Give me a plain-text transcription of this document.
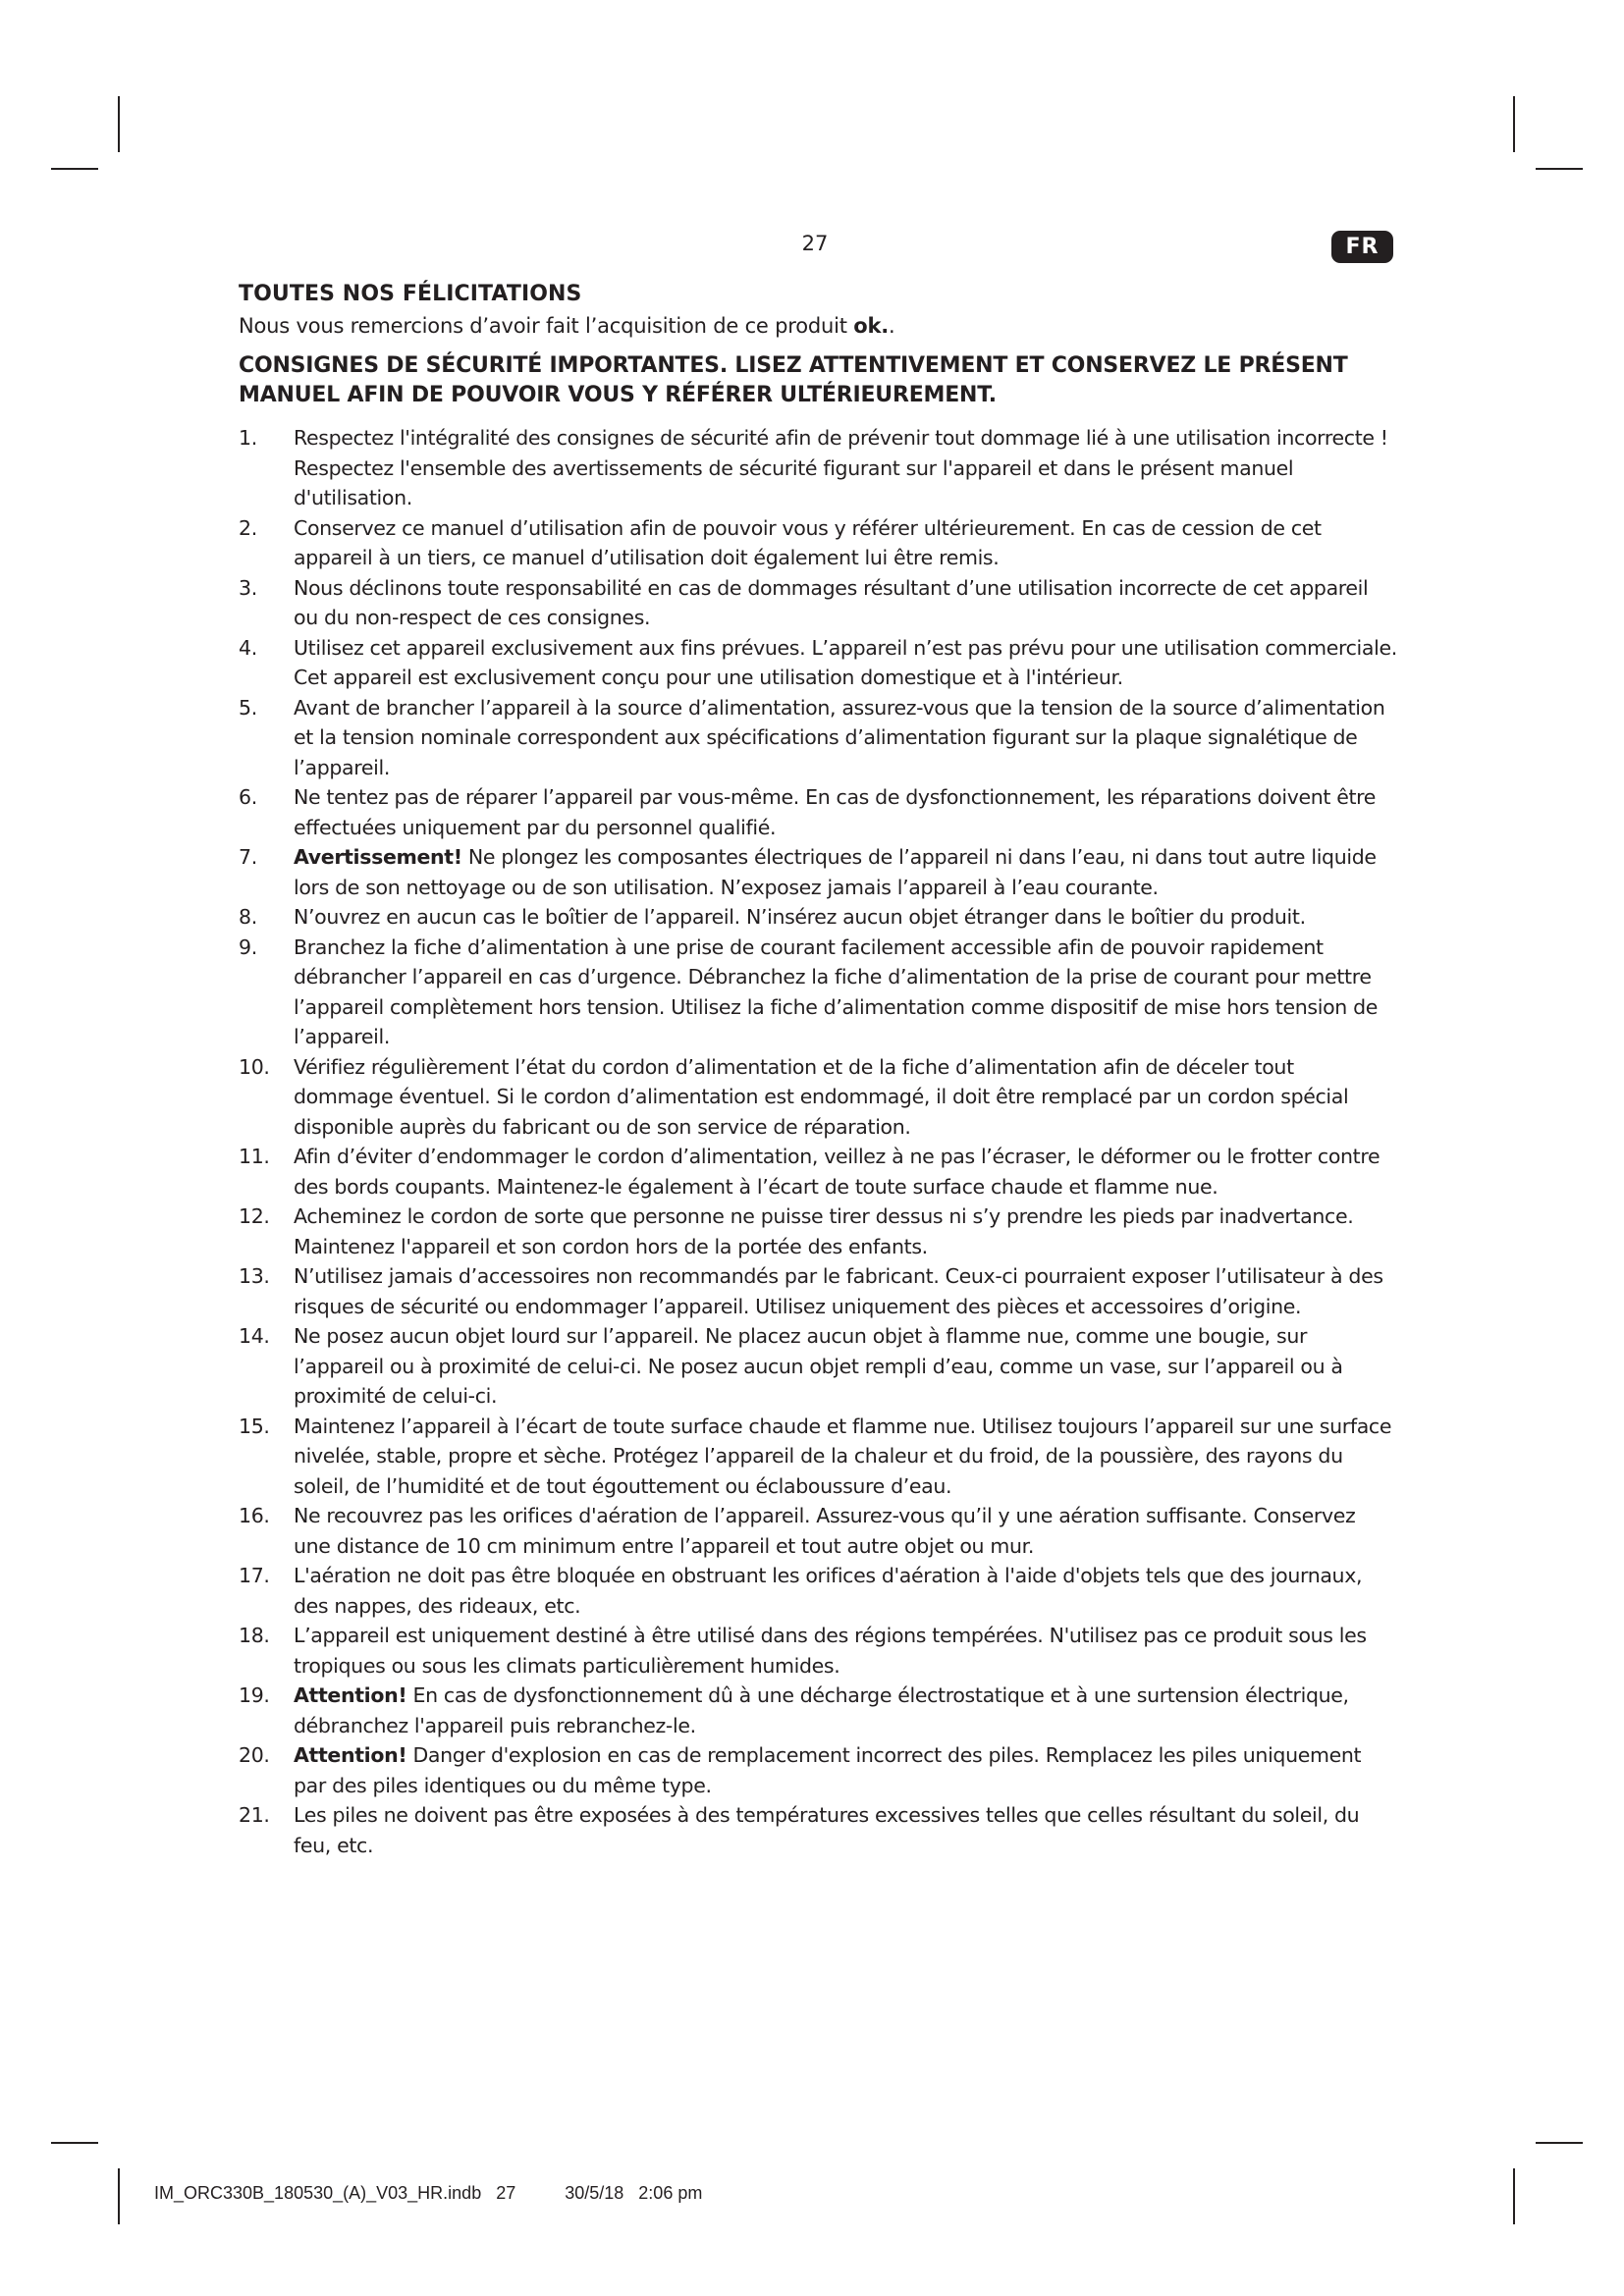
27	FR
TOUTES NOS FÉLICITATIONS

Nous vous remercions d’avoir fait l’acquisition de ce produit ok..

CONSIGNES DE SÉCURITÉ IMPORTANTES. LISEZ ATTENTIVEMENT ET CONSERVEZ LE PRÉSENT MANUEL AFIN DE POUVOIR VOUS Y RÉFÉRER ULTÉRIEUREMENT.
1. Respectez l'intégralité des consignes de sécurité afin de prévenir tout dommage lié à une utilisation incorrecte ! Respectez l'ensemble des avertissements de sécurité figurant sur l'appareil et dans le présent manuel d'utilisation.
2. Conservez ce manuel d’utilisation afin de pouvoir vous y référer ultérieurement. En cas de cession de cet appareil à un tiers, ce manuel d’utilisation doit également lui être remis.
3. Nous déclinons toute responsabilité en cas de dommages résultant d’une utilisation incorrecte de cet appareil ou du non-respect de ces consignes.
4. Utilisez cet appareil exclusivement aux fins prévues. L’appareil n’est pas prévu pour une utilisation commerciale. Cet appareil est exclusivement conçu pour une utilisation domestique et à l'intérieur.
5. Avant de brancher l’appareil à la source d’alimentation, assurez-vous que la tension de la source d’alimentation et la tension nominale correspondent aux spécifications d’alimentation figurant sur la plaque signalétique de l’appareil.
6. Ne tentez pas de réparer l’appareil par vous-même. En cas de dysfonctionnement, les réparations doivent être effectuées uniquement par du personnel qualifié.
7. Avertissement! Ne plongez les composantes électriques de l’appareil ni dans l’eau, ni dans tout autre liquide lors de son nettoyage ou de son utilisation. N’exposez jamais l’appareil à l’eau courante.
8. N’ouvrez en aucun cas le boîtier de l’appareil. N’insérez aucun objet étranger dans le boîtier du produit.
9. Branchez la fiche d’alimentation à une prise de courant facilement accessible afin de pouvoir rapidement débrancher l’appareil en cas d’urgence. Débranchez la fiche d’alimentation de la prise de courant pour mettre l’appareil complètement hors tension. Utilisez la fiche d’alimentation comme dispositif de mise hors tension de l’appareil.
10. Vérifiez régulièrement l’état du cordon d’alimentation et de la fiche d’alimentation afin de déceler tout dommage éventuel. Si le cordon d’alimentation est endommagé, il doit être remplacé par un cordon spécial disponible auprès du fabricant ou de son service de réparation.
11. Afin d’éviter d’endommager le cordon d’alimentation, veillez à ne pas l’écraser, le déformer ou le frotter contre des bords coupants. Maintenez-le également à l’écart de toute surface chaude et flamme nue.
12. Acheminez le cordon de sorte que personne ne puisse tirer dessus ni s’y prendre les pieds par inadvertance. Maintenez l'appareil et son cordon hors de la portée des enfants.
13. N’utilisez jamais d’accessoires non recommandés par le fabricant. Ceux-ci pourraient exposer l’utilisateur à des risques de sécurité ou endommager l’appareil. Utilisez uniquement des pièces et accessoires d’origine.
14. Ne posez aucun objet lourd sur l’appareil. Ne placez aucun objet à flamme nue, comme une bougie, sur l’appareil ou à proximité de celui-ci. Ne posez aucun objet rempli d’eau, comme un vase, sur l’appareil ou à proximité de celui-ci.
15. Maintenez l’appareil à l’écart de toute surface chaude et flamme nue. Utilisez toujours l’appareil sur une surface nivelée, stable, propre et sèche. Protégez l’appareil de la chaleur et du froid, de la poussière, des rayons du soleil, de l’humidité et de tout égouttement ou éclaboussure d’eau.
16. Ne recouvrez pas les orifices d'aération de l’appareil. Assurez-vous qu’il y une aération suffisante. Conservez une distance de 10 cm minimum entre l’appareil et tout autre objet ou mur.
17. L'aération ne doit pas être bloquée en obstruant les orifices d'aération à l'aide d'objets tels que des journaux, des nappes, des rideaux, etc.
18. L’appareil est uniquement destiné à être utilisé dans des régions tempérées. N'utilisez pas ce produit sous les tropiques ou sous les climats particulièrement humides.
19. Attention! En cas de dysfonctionnement dû à une décharge électrostatique et à une surtension électrique, débranchez l'appareil puis rebranchez-le.
20. Attention! Danger d'explosion en cas de remplacement incorrect des piles. Remplacez les piles uniquement par des piles identiques ou du même type.
21. Les piles ne doivent pas être exposées à des températures excessives telles que celles résultant du soleil, du feu, etc.
IM_ORC330B_180530_(A)_V03_HR.indb   27          30/5/18   2:06 pm
